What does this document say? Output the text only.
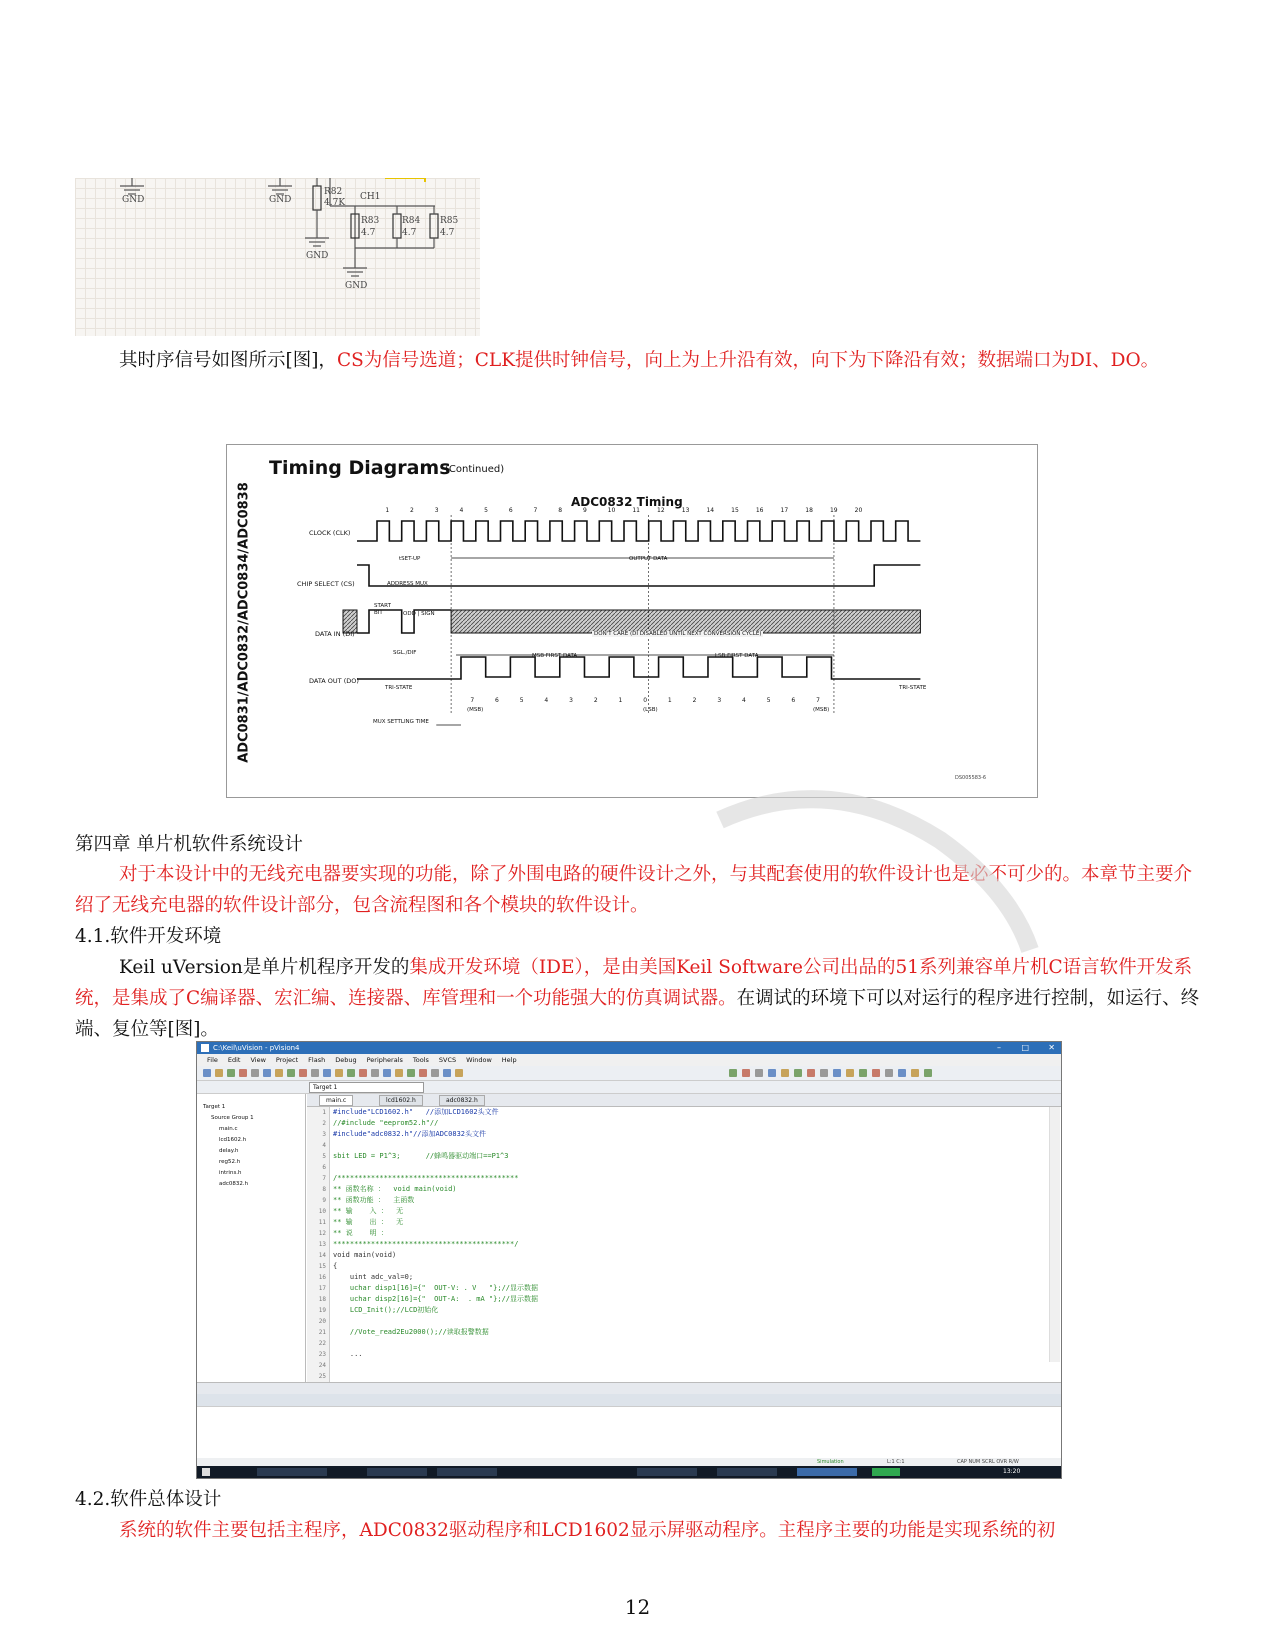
GND	GND
R82
4.7K
CH1
R83	R84 R85
4.7	4.7	4.7
GND
GND
其时序信号如图所示[图]，CS为信号选道；CLK提供时钟信号，向上为上升沿有效，向下为下降沿有效；数据端口为DI、DO。
ADC0831/ADC0832/ADC0834/ADC0838
Timing Diagrams
(Continued)
ADC0832 Timing
CLOCK (CLK)
CHIP SELECT (CS)
DATA IN (DI)
DATA OUT (DO)
1	2	3	4	5	6	7	8	9	10	11	12	13	14	15	16	17	18	19	20
tSET-UP	OUTPUT DATA
ADDRESS MUX
START BIT	ODD | SIGN
SGL./DIF
DON'T CARE (DI DISABLED UNTIL NEXT CONVERSION CYCLE)
MSB FIRST DATA	LSB FIRST DATA
TRI-STATE	TRI-STATE
MUX SETTLING TIME
7	6	5	4	3	2	1	0	1	2	3	4	5	6	7
(MSB)	(LSB)	(MSB)
DS005583-6
第四章 单片机软件系统设计
对于本设计中的无线充电器要实现的功能，除了外围电路的硬件设计之外，与其配套使用的软件设计也是必不可少的。本章节主要介绍了无线充电器的软件设计部分，包含流程图和各个模块的软件设计。
4.1.软件开发环境
Keil uVersion是单片机程序开发的集成开发环境（IDE），是由美国Keil Software公司出品的51系列兼容单片机C语言软件开发系统，是集成了C编译器、宏汇编、连接器、库管理和一个功能强大的仿真调试器。在调试的环境下可以对运行的程序进行控制，如运行、终端、复位等[图]。
C:\Keil\uVision - pVision4	–	□ ✕
File Edit View Project Flash Debug Peripherals Tools SVCS Window Help
Target 1
Target 1
Source Group 1
main.c
lcd1602.h
delay.h
reg52.h
intrins.h
adc0832.h
main.c	lcd1602.h	adc0832.h
1
2
3
4
5
6
7
8
9
10
11
12
13
14
15
16
17
18
19
20
21
22
23
24
25
#include"LCD1602.h"   //添加LCD1602头文件
//#include "eeprom52.h"//
#include"adc0832.h"//添加ADC0832头文件

sbit LED = P1^3;      //蜂鸣器驱动端口==P1^3

/*******************************************
** 函数名称 ：  void main(void)
** 函数功能 ：  主函数
** 输    入 ：  无
** 输    出 ：  无
** 说    明 ：
*******************************************/
void main(void)
{
uint adc_val=0;
uchar disp1[16]={"  OUT-V: . V   "};//显示数据
uchar disp2[16]={"  OUT-A:  . mA "};//显示数据
LCD_Init();//LCD初始化

//Vote_read2Eu2000();//读取报警数据

...
Simulation	L:1 C:1	CAP NUM SCRL OVR R/W
13:20
4.2.软件总体设计
系统的软件主要包括主程序，ADC0832驱动程序和LCD1602显示屏驱动程序。主程序主要的功能是实现系统的初
12
